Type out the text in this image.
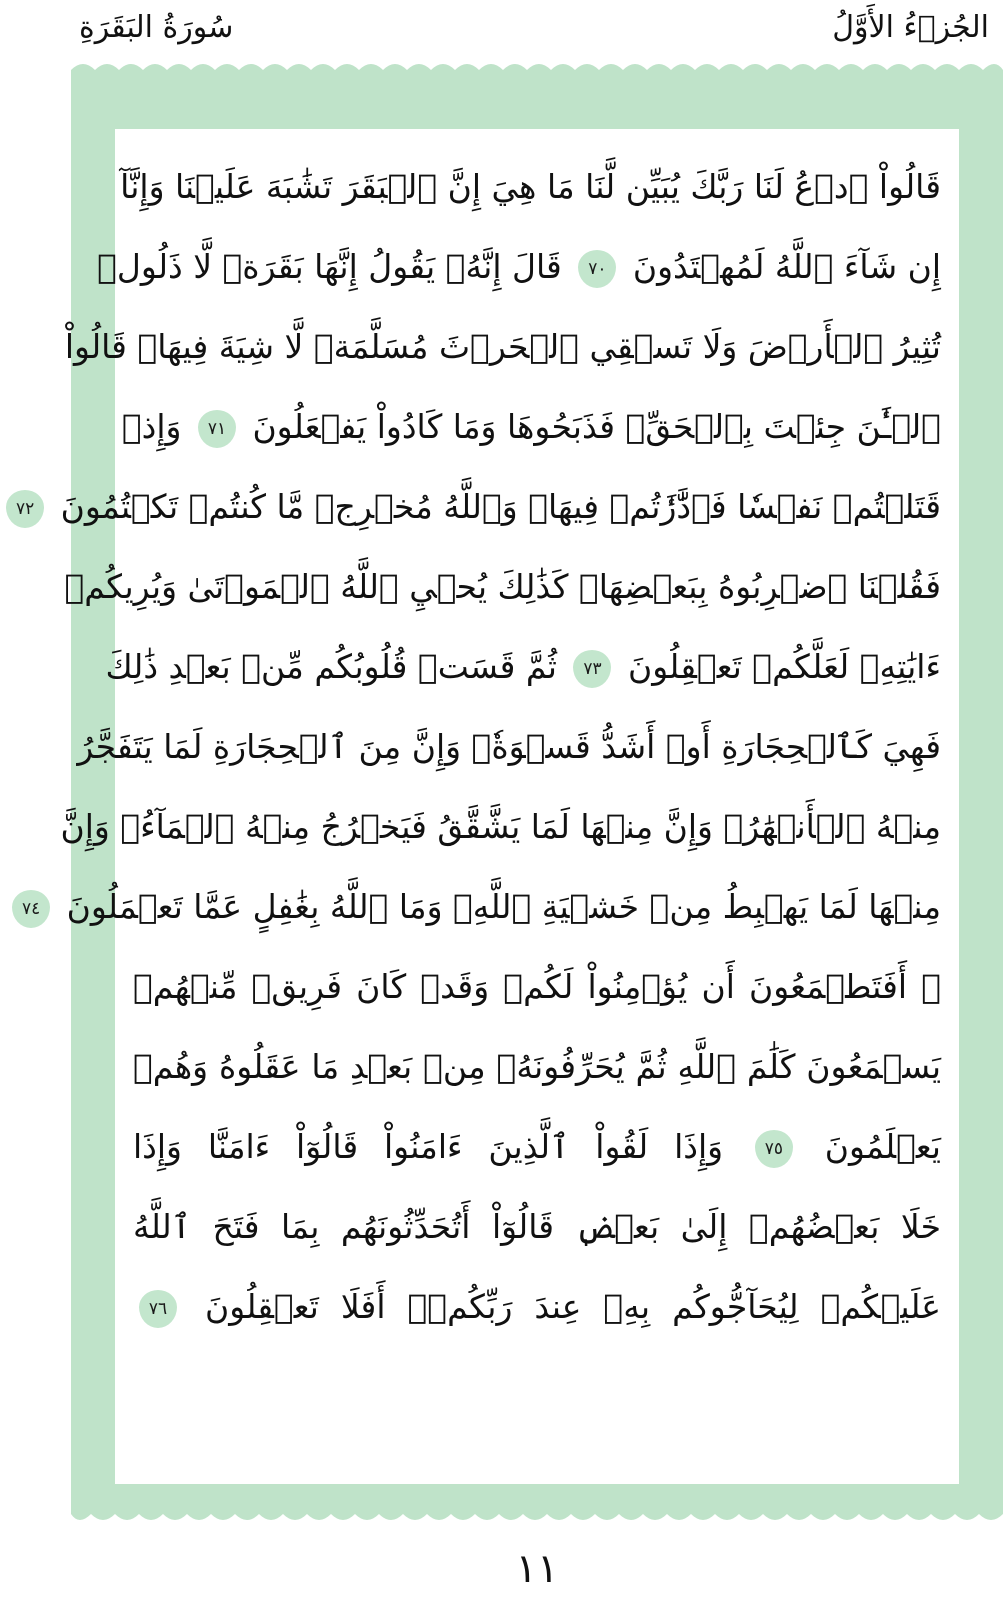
الجُزۡءُ الأَوَّلُ
سُورَةُ البَقَرَةِ
قَالُواْ ٱدۡعُ لَنَا رَبَّكَ يُبَيِّن لَّنَا مَا هِيَ إِنَّ ٱلۡبَقَرَ تَشَٰبَهَ عَلَيۡنَا وَإِنَّآ
إِن شَآءَ ٱللَّهُ لَمُهۡتَدُونَ ٧٠ قَالَ إِنَّهُۥ يَقُولُ إِنَّهَا بَقَرَةٞ لَّا ذَلُولٞ
تُثِيرُ ٱلۡأَرۡضَ وَلَا تَسۡقِي ٱلۡحَرۡثَ مُسَلَّمَةٞ لَّا شِيَةَ فِيهَاۚ قَالُواْ
ٱلۡـَٰٔنَ جِئۡتَ بِٱلۡحَقِّۚ فَذَبَحُوهَا وَمَا كَادُواْ يَفۡعَلُونَ ٧١ وَإِذۡ
قَتَلۡتُمۡ نَفۡسٗا فَٱدَّٰرَٰٔتُمۡ فِيهَاۖ وَٱللَّهُ مُخۡرِجٞ مَّا كُنتُمۡ تَكۡتُمُونَ ٧٢
فَقُلۡنَا ٱضۡرِبُوهُ بِبَعۡضِهَاۚ كَذَٰلِكَ يُحۡيِ ٱللَّهُ ٱلۡمَوۡتَىٰ وَيُرِيكُمۡ
ءَايَٰتِهِۦ لَعَلَّكُمۡ تَعۡقِلُونَ ٧٣ ثُمَّ قَسَتۡ قُلُوبُكُم مِّنۢ بَعۡدِ ذَٰلِكَ
فَهِيَ كَٱلۡحِجَارَةِ أَوۡ أَشَدُّ قَسۡوَةٗۚ وَإِنَّ مِنَ ٱلۡحِجَارَةِ لَمَا يَتَفَجَّرُ
مِنۡهُ ٱلۡأَنۡهَٰرُۚ وَإِنَّ مِنۡهَا لَمَا يَشَّقَّقُ فَيَخۡرُجُ مِنۡهُ ٱلۡمَآءُۚ وَإِنَّ
مِنۡهَا لَمَا يَهۡبِطُ مِنۡ خَشۡيَةِ ٱللَّهِۗ وَمَا ٱللَّهُ بِغَٰفِلٍ عَمَّا تَعۡمَلُونَ ٧٤
۞ أَفَتَطۡمَعُونَ أَن يُؤۡمِنُواْ لَكُمۡ وَقَدۡ كَانَ فَرِيقٞ مِّنۡهُمۡ
يَسۡمَعُونَ كَلَٰمَ ٱللَّهِ ثُمَّ يُحَرِّفُونَهُۥ مِنۢ بَعۡدِ مَا عَقَلُوهُ وَهُمۡ
يَعۡلَمُونَ ٧٥ وَإِذَا لَقُواْ ٱلَّذِينَ ءَامَنُواْ قَالُوٓاْ ءَامَنَّا وَإِذَا
خَلَا بَعۡضُهُمۡ إِلَىٰ بَعۡضٖ قَالُوٓاْ أَتُحَدِّثُونَهُم بِمَا فَتَحَ ٱللَّهُ
عَلَيۡكُمۡ لِيُحَآجُّوكُم بِهِۦ عِندَ رَبِّكُمۡۚ أَفَلَا تَعۡقِلُونَ ٧٦
١١
